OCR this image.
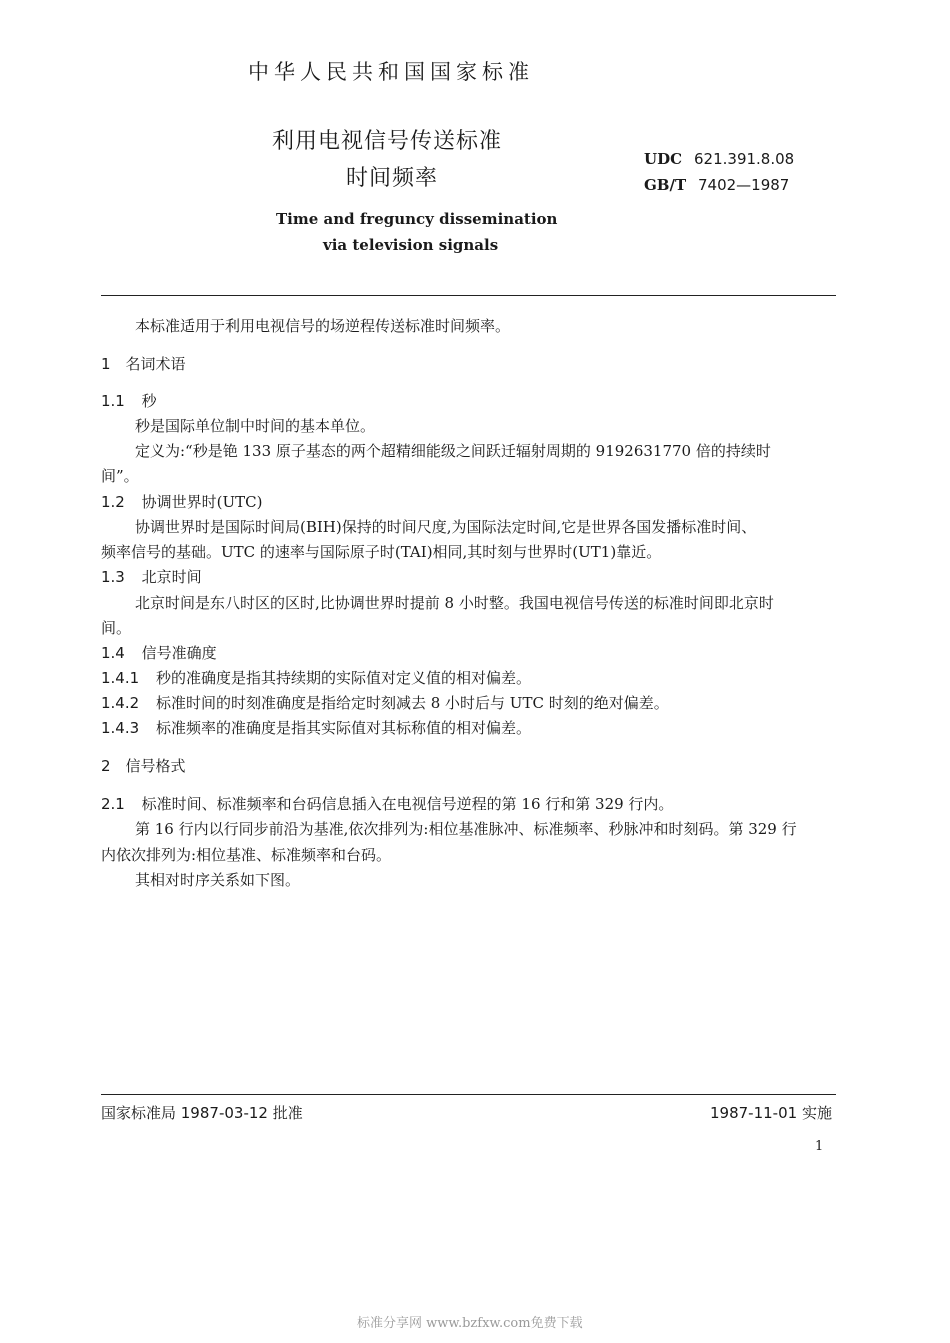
中华人民共和国国家标准
利用电视信号传送标准
时间频率
UDC 621.391.8.08
GB/T 7402—1987
Time and freguncy dissemination
via television signals
本标准适用于利用电视信号的场逆程传送标准时间频率。
1　名词术语
1.1 秒
秒是国际单位制中时间的基本单位。
定义为:“秒是铯 133 原子基态的两个超精细能级之间跃迁辐射周期的 9192631770 倍的持续时
间”。
1.2 协调世界时(UTC)
协调世界时是国际时间局(BIH)保持的时间尺度,为国际法定时间,它是世界各国发播标准时间、
频率信号的基础。UTC 的速率与国际原子时(TAI)相同,其时刻与世界时(UT1)靠近。
1.3 北京时间
北京时间是东八时区的区时,比协调世界时提前 8 小时整。我国电视信号传送的标准时间即北京时
间。
1.4 信号准确度
1.4.1 秒的准确度是指其持续期的实际值对定义值的相对偏差。
1.4.2 标准时间的时刻准确度是指给定时刻减去 8 小时后与 UTC 时刻的绝对偏差。
1.4.3 标准频率的准确度是指其实际值对其标称值的相对偏差。
2　信号格式
2.1 标准时间、标准频率和台码信息插入在电视信号逆程的第 16 行和第 329 行内。
第 16 行内以行同步前沿为基准,依次排列为:相位基准脉冲、标准频率、秒脉冲和时刻码。第 329 行
内依次排列为:相位基准、标准频率和台码。
其相对时序关系如下图。
国家标准局 1987-03-12 批准	1987-11-01 实施
1
标准分享网 www.bzfxw.com免费下载
